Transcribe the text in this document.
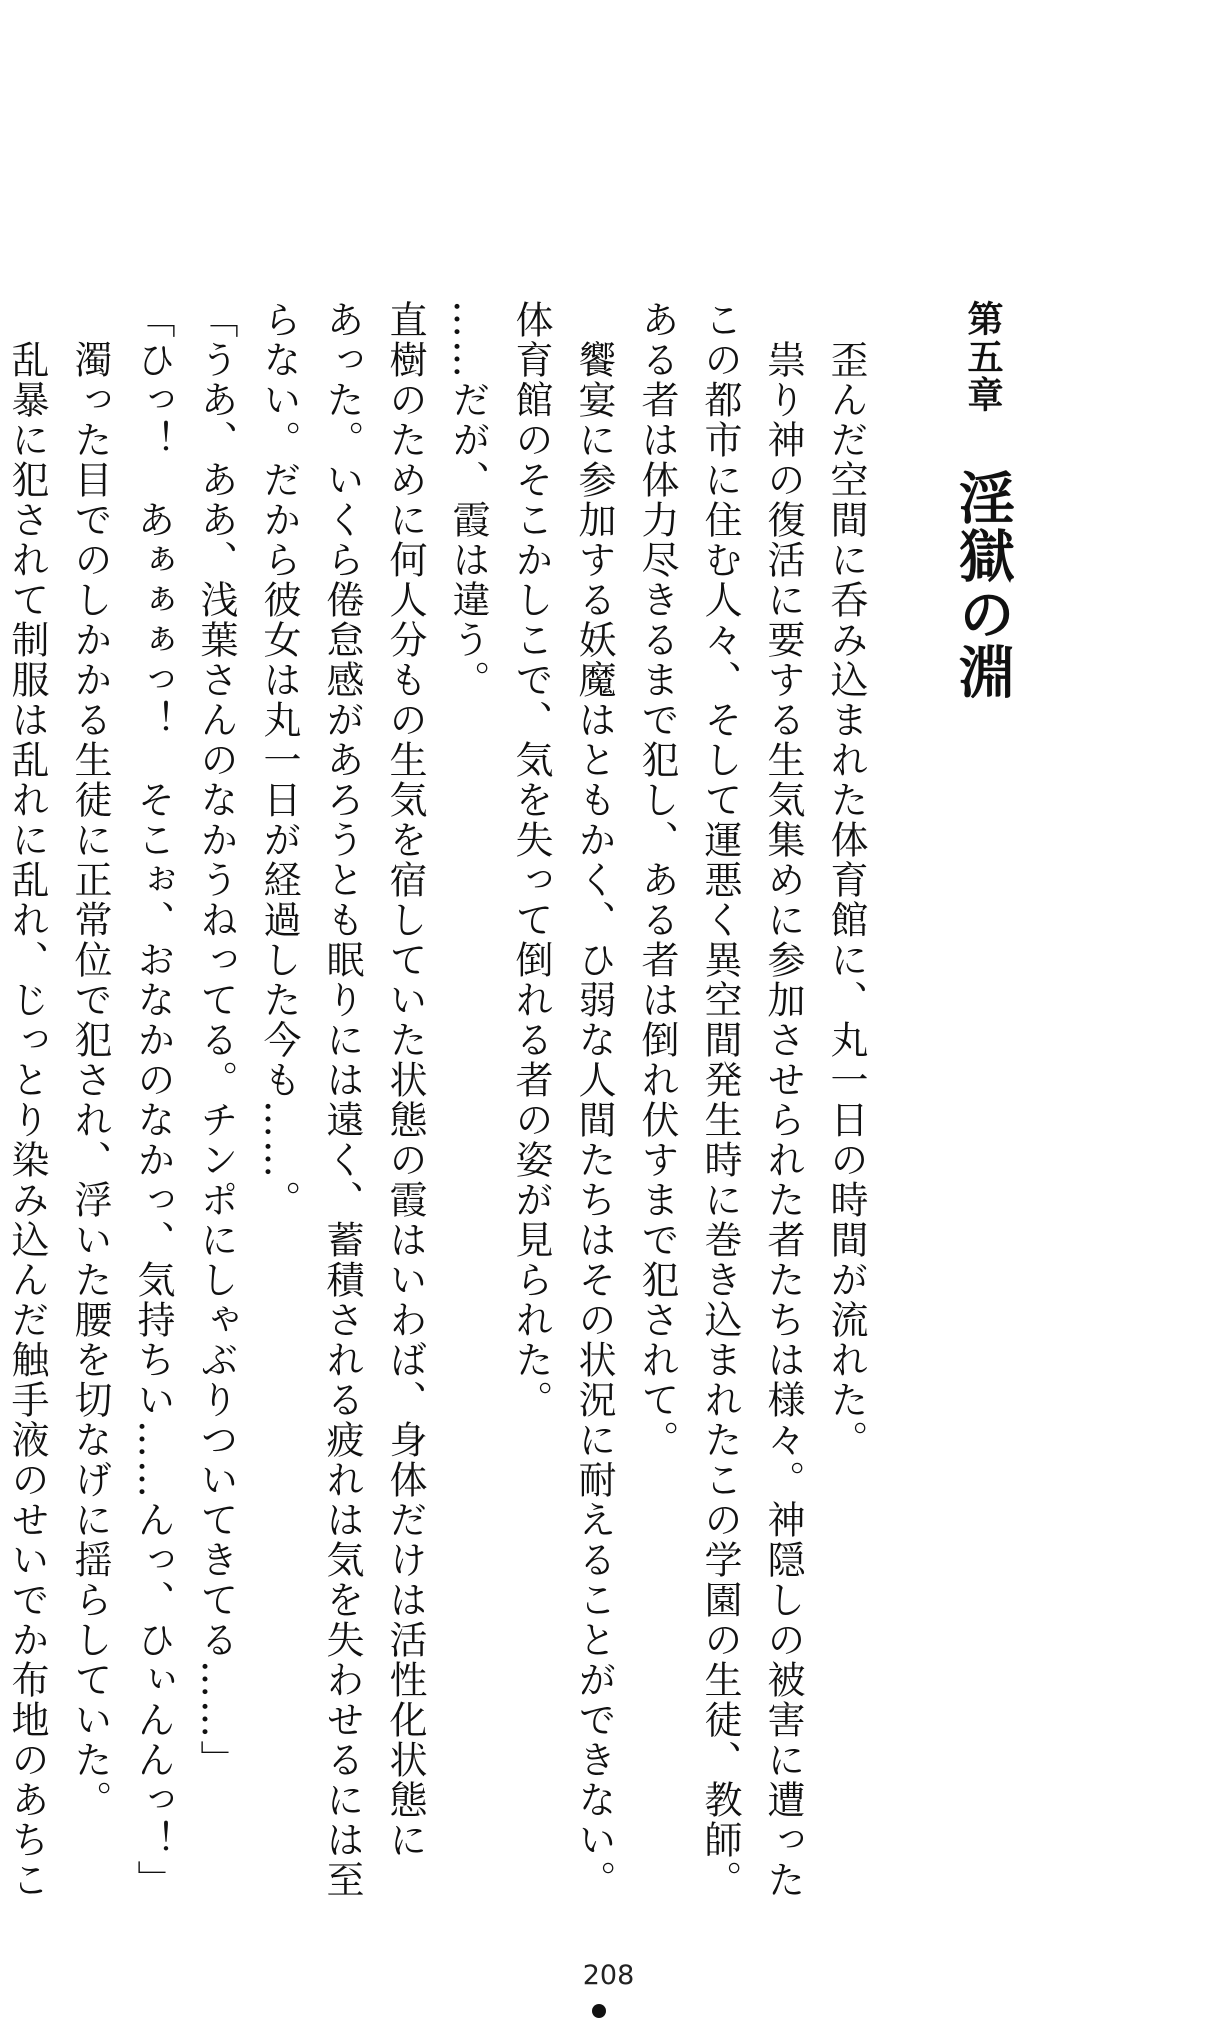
第五章淫獄の淵
　歪んだ空間に呑み込まれた体育館に、丸一日の時間が流れた。
　祟り神の復活に要する生気集めに参加させられた者たちは様々。神隠しの被害に遭った
この都市に住む人々、そして運悪く異空間発生時に巻き込まれたこの学園の生徒、教師。
ある者は体力尽きるまで犯し、ある者は倒れ伏すまで犯されて。
　饗宴に参加する妖魔はともかく、ひ弱な人間たちはその状況に耐えることができない。
体育館のそこかしこで、気を失って倒れる者の姿が見られた。
……だが、霞は違う。
直樹のために何人分もの生気を宿していた状態の霞はいわば、身体だけは活性化状態に
あった。いくら倦怠感があろうとも眠りには遠く、蓄積される疲れは気を失わせるには至
らない。だから彼女は丸一日が経過した今も……。
「うあ、ああ、浅葉さんのなかうねってる。チンポにしゃぶりついてきてる……」
「ひっ！　あぁぁぁっ！　そこぉ、おなかのなかっ、気持ちい……んっ、ひぃんんっ！」
　濁った目でのしかかる生徒に正常位で犯され、浮いた腰を切なげに揺らしていた。
　乱暴に犯されて制服は乱れに乱れ、じっとり染み込んだ触手液のせいでか布地のあちこ
208
